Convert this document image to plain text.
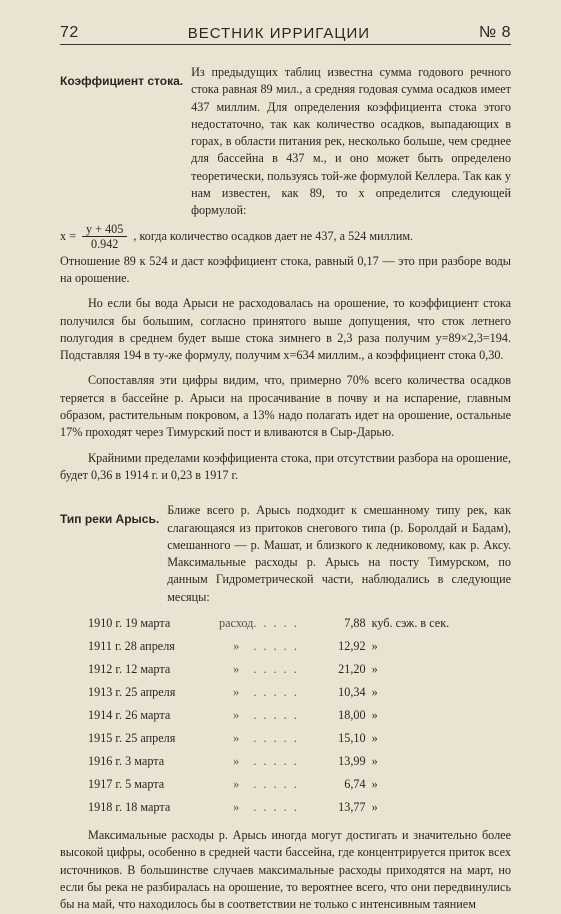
72	ВЕСТНИК ИРРИГАЦИИ	№ 8
Коэффициент стока.

Из предыдущих таблиц известна сумма годового речного стока равная 89 мил., а средняя годовая сумма осадков имеет 437 миллим. Для определения коэффициента стока этого недостаточно, так как количество осадков, выпадающих в горах, в области питания рек, несколько больше, чем среднее для бассейна в 437 м., и оно может быть определено теоретически, пользуясь той-же формулой Келлера. Так как у нам известен, как 89, то х определится следующей формулой:

$x = \frac{y + 405}{0.942}$ , когда количество осадков дает не 437, а 524 миллим.

Отношение 89 к 524 и даст коэффициент стока, равный 0,17 — это при разборе воды на орошение.

Но если бы вода Арыси не расходовалась на орошение, то коэффициент стока получился бы большим, согласно принятого выше допущения, что сток летнего полугодия в среднем будет выше стока зимнего в 2,3 раза получим у=89×2,3=194. Подставляя 194 в ту-же формулу, получим х=634 миллим., а коэффициент стока 0,30.

Сопоставляя эти цифры видим, что, примерно 70% всего количества осадков теряется в бассейне р. Арыси на просачивание в почву и на испарение, главным образом, растительным покровом, а 13% надо полагать идет на орошение, остальные 17% проходят через Тимурский пост и вливаются в Сыр-Дарью.

Крайними пределами коэффициента стока, при отсутствии разбора на орошение, будет 0,36 в 1914 г. и 0,23 в 1917 г.

Тип реки Арысь.

Ближе всего р. Арысь подходит к смешанному типу рек, как слагающаяся из притоков снегового типа (р. Боролдай и Бадам), смешанного — р. Машат, и близкого к ледниковому, как р. Аксу. Максимальные расходы р. Арысь на посту Тимурском, по данным Гидрометрической части, наблюдались в следующие месяцы:

1910 г. 19 марта	расход	. . . . .	7,88	куб. сэж. в сек.
1911 г. 28 апреля	»	. . . . .	12,92	»
1912 г. 12 марта	»	. . . . .	21,20	»
1913 г. 25 апреля	»	. . . . .	10,34	»
1914 г. 26 марта	»	. . . . .	18,00	»
1915 г. 25 апреля	»	. . . . .	15,10	»
1916 г. 3 марта	»	. . . . .	13,99	»
1917 г. 5 марта	»	. . . . .	6,74	»
1918 г. 18 марта	»	. . . . .	13,77	»

Максимальные расходы р. Арысь иногда могут достигать и значительно более высокой цифры, особенно в средней части бассейна, где концентрируется приток всех источников. В большинстве случаев максимальные расходы приходятся на март, но если бы река не разбиралась на орошение, то вероятнее всего, что они передвинулись бы на май, что находилось бы в соответствии не только с интенсивным таянием
